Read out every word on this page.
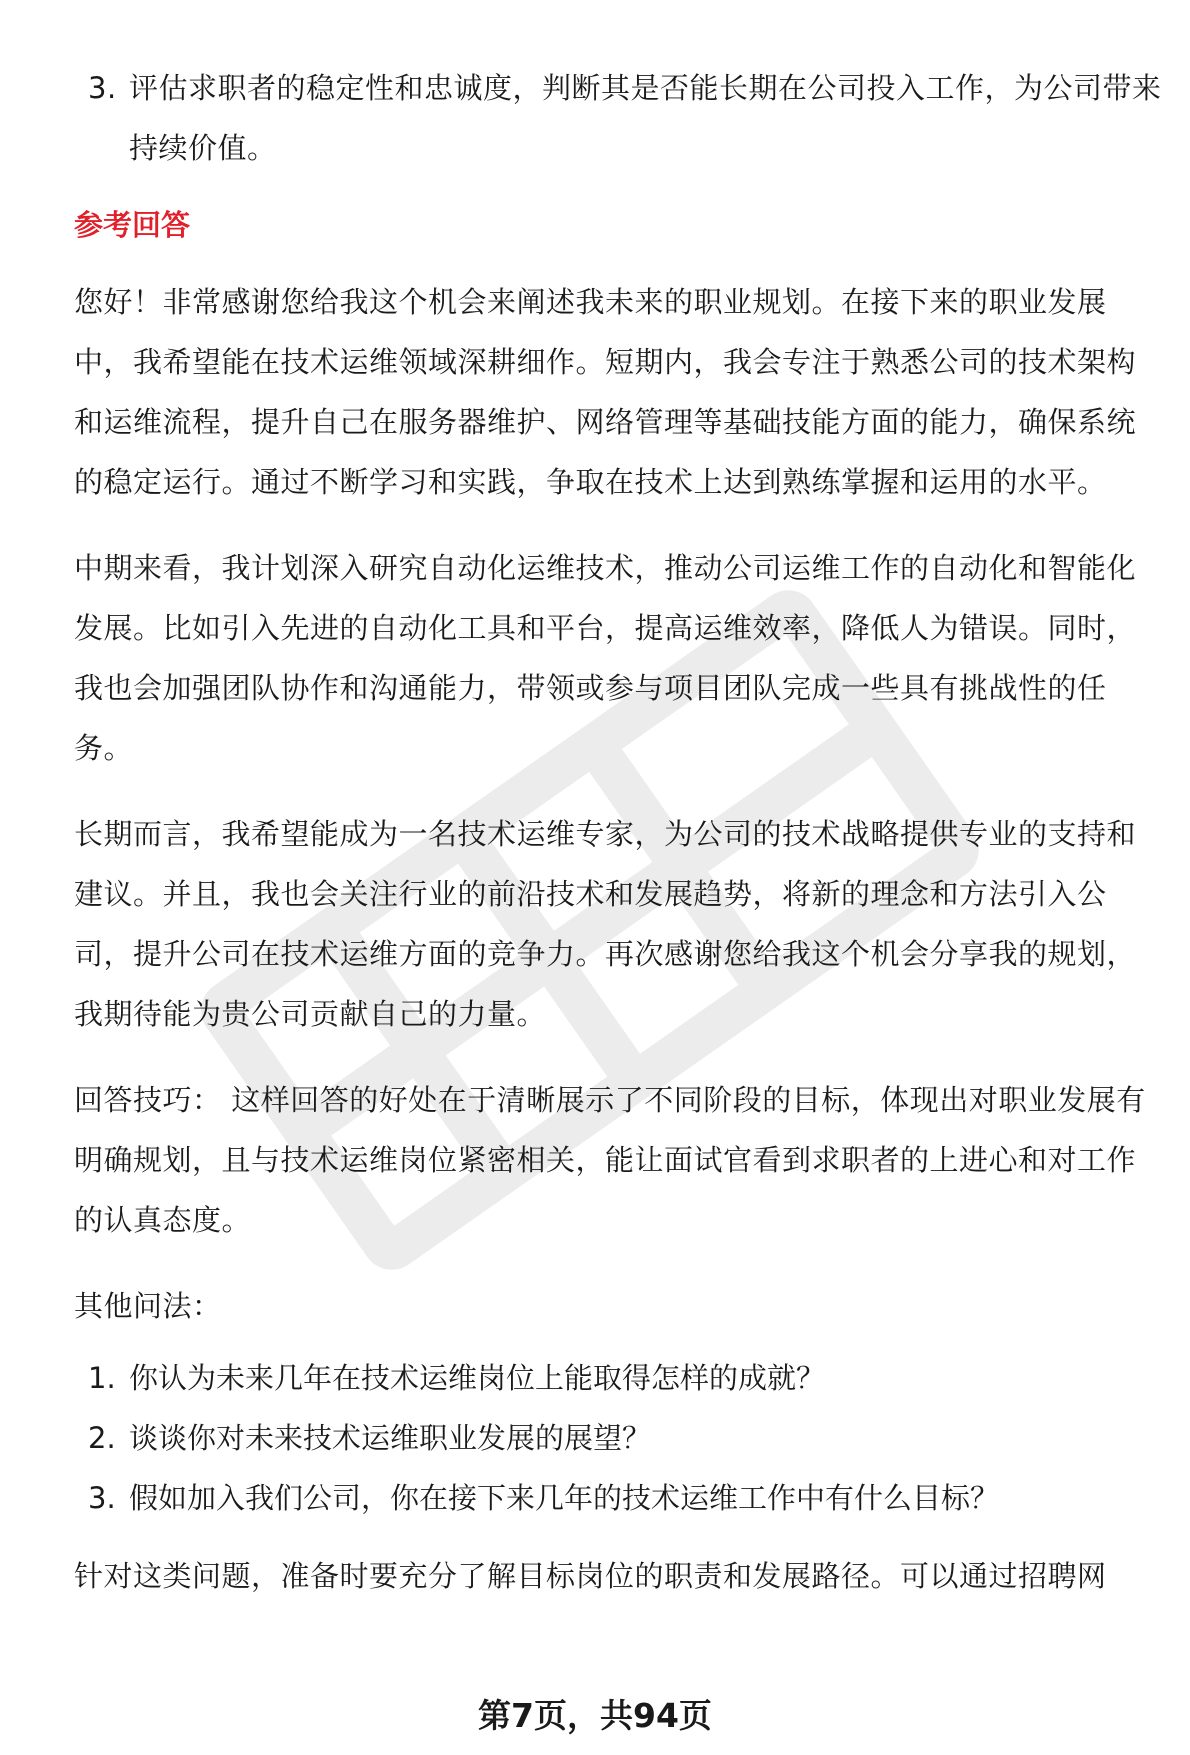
3. 评估求职者的稳定性和忠诚度，判断其是否能长期在公司投入工作，为公司带来持续价值。
参考回答

您好！非常感谢您给我这个机会来阐述我未来的职业规划。在接下来的职业发展中，我希望能在技术运维领域深耕细作。短期内，我会专注于熟悉公司的技术架构和运维流程，提升自己在服务器维护、网络管理等基础技能方面的能力，确保系统的稳定运行。通过不断学习和实践，争取在技术上达到熟练掌握和运用的水平。

中期来看，我计划深入研究自动化运维技术，推动公司运维工作的自动化和智能化发展。比如引入先进的自动化工具和平台，提高运维效率，降低人为错误。同时，我也会加强团队协作和沟通能力，带领或参与项目团队完成一些具有挑战性的任务。

长期而言，我希望能成为一名技术运维专家，为公司的技术战略提供专业的支持和建议。并且，我也会关注行业的前沿技术和发展趋势，将新的理念和方法引入公司，提升公司在技术运维方面的竞争力。再次感谢您给我这个机会分享我的规划，我期待能为贵公司贡献自己的力量。

回答技巧： 这样回答的好处在于清晰展示了不同阶段的目标，体现出对职业发展有明确规划，且与技术运维岗位紧密相关，能让面试官看到求职者的上进心和对工作的认真态度。

其他问法：

1. 你认为未来几年在技术运维岗位上能取得怎样的成就？
2. 谈谈你对未来技术运维职业发展的展望？
3. 假如加入我们公司，你在接下来几年的技术运维工作中有什么目标？

针对这类问题，准备时要充分了解目标岗位的职责和发展路径。可以通过招聘网

第7页，共94页
